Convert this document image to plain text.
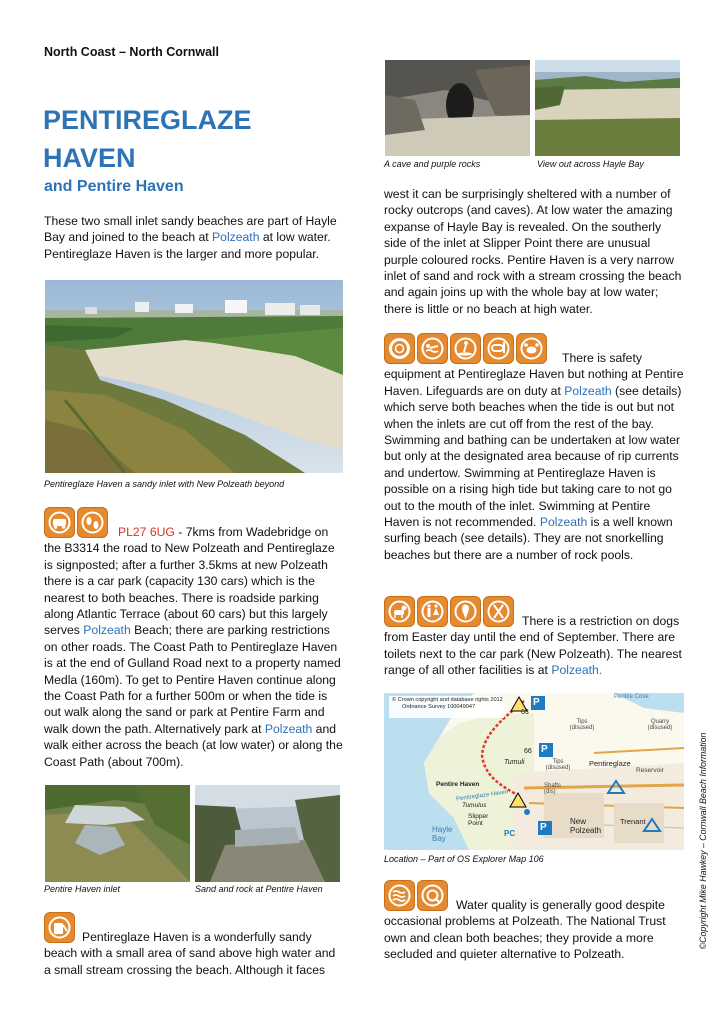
North Coast – North Cornwall
PENTIREGLAZE
HAVEN
and Pentire Haven
These two small inlet sandy beaches are part of Hayle Bay and joined to the beach at Polzeath at low water. Pentireglaze Haven is the larger and more popular.
Pentireglaze Haven a sandy inlet with New Polzeath beyond
PL27 6UG - 7kms from Wadebridge on the B3314 the road to New Polzeath and Pentireglaze is signposted; after a further 3.5kms at new Polzeath there is a car park (capacity 130 cars) which is the nearest to both beaches. There is roadside parking along Atlantic Terrace (about 60 cars) but this largely serves Polzeath Beach; there are parking restrictions on other roads. The Coast Path to Pentireglaze Haven is at the end of Gulland Road next to a property named Medla (160m). To get to Pentire Haven continue along the Coast Path for a further 500m or when the tide is out walk along the sand or park at Pentire Farm and walk down the path. Alternatively park at Polzeath and walk either across the beach (at low water) or along the Coast Path (about 700m).
Pentire Haven inlet	Sand and rock at Pentire Haven
Pentireglaze Haven is a wonderfully sandy beach with a small area of sand above high water and a small stream crossing the beach. Although it faces
A cave and purple rocks	View out across Hayle Bay
west it can be surprisingly sheltered with a number of rocky outcrops (and caves). At low water the amazing expanse of Hayle Bay is revealed. On the southerly side of the inlet at Slipper Point there are unusual purple coloured rocks. Pentire Haven is a very narrow inlet of sand and rock with a stream crossing the beach and again joins up with the whole bay at low water; there is little or no beach at high water.
There is safety equipment at Pentireglaze Haven but nothing at Pentire Haven. Lifeguards are on duty at Polzeath (see details) which serve both beaches when the tide is out but not when the inlets are cut off from the rest of the bay. Swimming and bathing can be undertaken at low water but only at the designated area because of rip currents and undertow. Swimming at Pentireglaze Haven is possible on a rising high tide but taking care to not go out to the mouth of the inlet. Swimming at Pentire Haven is not recommended. Polzeath is a well known surfing beach (see details). They are not snorkelling beaches but there are a number of rock pools.
There is a restriction on dogs from Easter day until the end of September. There are toilets next to the car park (New Polzeath). The nearest range of all other facilities is at Polzeath.
© Crown copyright and database rights 2012
Ordnance Survey 100049047
Pentire Cove
63
Tips (disused)
Quarry (disused)
66
Tumuli	Pentireglaze
Tips (disused)	Reservoir
Pentire Haven
Pentireglaze Haven
Tumulus
Shafts (dis)
Slipper Point
Hayle Bay
New Polzeath
Trenant
PC
P
P
P
Location – Part of OS Explorer Map 106
Water quality is generally good despite occasional problems at Polzeath. The National Trust own and clean both beaches; they provide a more secluded and quieter alternative to Polzeath.
©Copyright Mike Hawkey – Cornwall Beach Information
